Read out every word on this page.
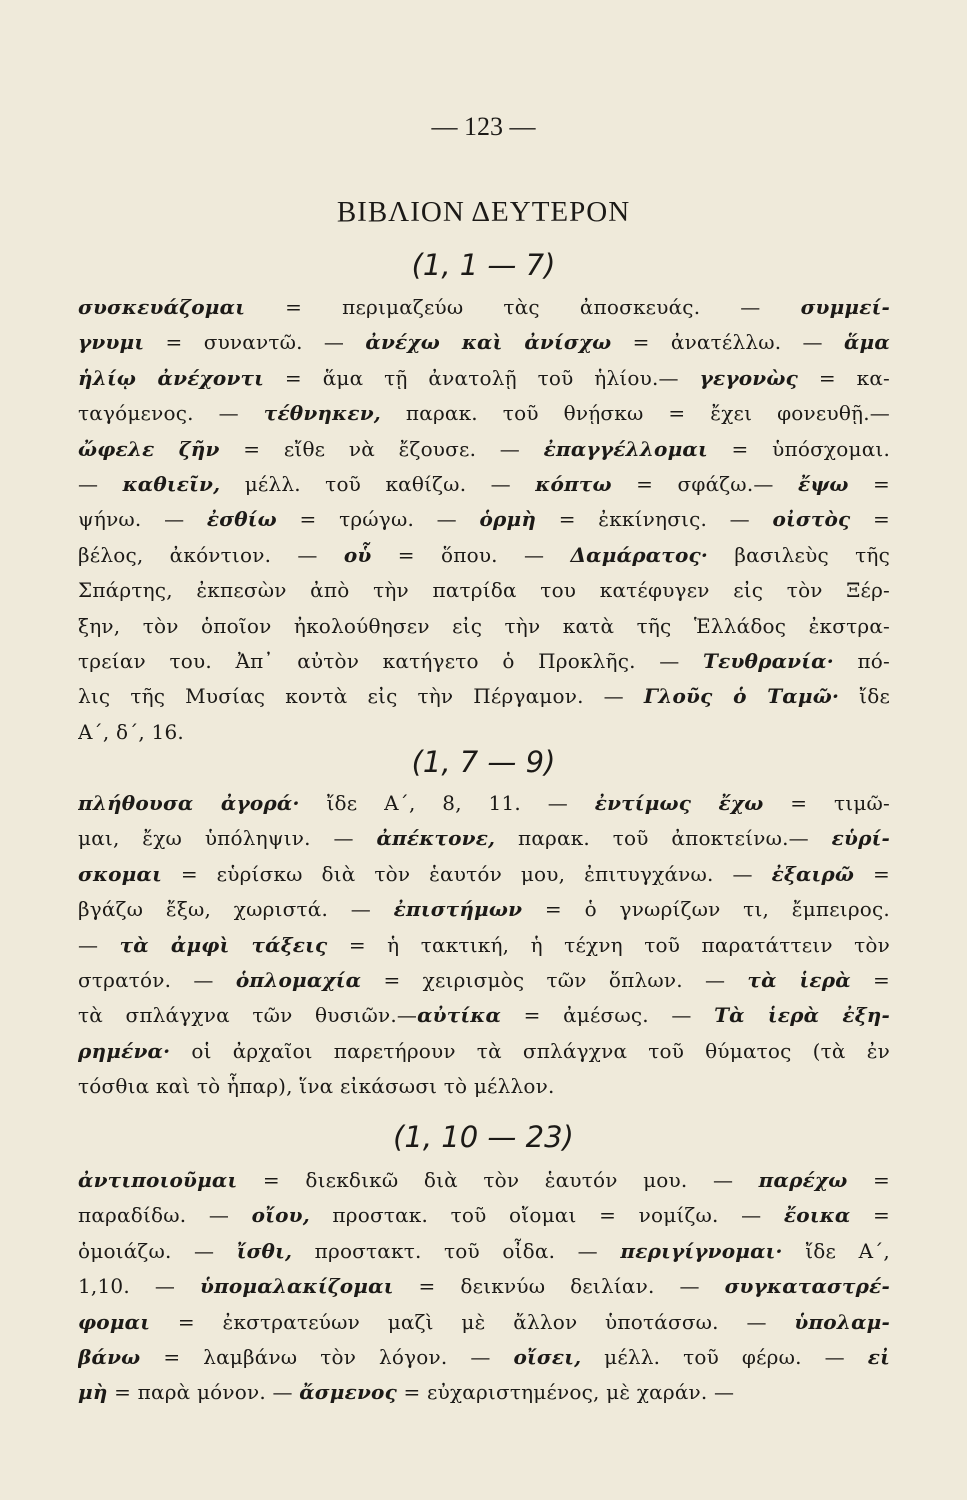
— 123 —
ΒΙΒΛΙΟΝ ΔΕΥΤΕΡΟΝ
(1, 1 — 7)
συσκευάζομαι = περιμαζεύω τὰς ἀποσκευάς. — συμμεί-
γνυμι = συναντῶ. — ἀνέχω καὶ ἀνίσχω = ἀνατέλλω. — ἅμα
ἡλίῳ ἀνέχοντι = ἅμα τῇ ἀνατολῇ τοῦ ἡλίου.— γεγονὼς = κα-
ταγόμενος. — τέθνηκεν, παρακ. τοῦ θνῄσκω = ἔχει φονευθῇ.—
ὤφελε ζῆν = εἴθε νὰ ἔζουσε. — ἐπαγγέλλομαι = ὑπόσχομαι.
— καθιεῖν, μέλλ. τοῦ καθίζω. — κόπτω = σφάζω.— ἔψω =
ψήνω. — ἐσθίω = τρώγω. — ὁρμὴ = ἐκκίνησις. — οἰστὸς =
βέλος, ἀκόντιον. — οὗ = ὅπου. — Δαμάρατος· βασιλεὺς τῆς
Σπάρτης, ἐκπεσὼν ἀπὸ τὴν πατρίδα του κατέφυγεν εἰς τὸν Ξέρ-
ξην, τὸν ὁποῖον ἠκολούθησεν εἰς τὴν κατὰ τῆς Ἑλλάδος ἐκστρα-
τρείαν του. Ἀπ᾽ αὐτὸν κατήγετο ὁ Προκλῆς. — Τευθρανία· πό-
λις τῆς Μυσίας κοντὰ εἰς τὴν Πέργαμον. — Γλοῦς ὁ Ταμῶ· ἴδε
Α΄, δ΄, 16.
(1, 7 — 9)
πλήθουσα ἀγορά· ἴδε Α΄, 8, 11. — ἐντίμως ἔχω = τιμῶ-
μαι, ἔχω ὑπόληψιν. — ἀπέκτονε, παρακ. τοῦ ἀποκτείνω.— εὑρί-
σκομαι = εὑρίσκω διὰ τὸν ἑαυτόν μου, ἐπιτυγχάνω. — ἐξαιρῶ =
βγάζω ἔξω, χωριστά. — ἐπιστήμων = ὁ γνωρίζων τι, ἔμπειρος.
— τὰ ἀμφὶ τάξεις = ἡ τακτική, ἡ τέχνη τοῦ παρατάττειν τὸν
στρατόν. — ὁπλομαχία = χειρισμὸς τῶν ὅπλων. — τὰ ἱερὰ =
τὰ σπλάγχνα τῶν θυσιῶν.—αὐτίκα = ἀμέσως. — Τὰ ἱερὰ ἐξη-
ρημένα· οἱ ἀρχαῖοι παρετήρουν τὰ σπλάγχνα τοῦ θύματος (τὰ ἐν
τόσθια καὶ τὸ ἧπαρ), ἵνα εἰκάσωσι τὸ μέλλον.
(1, 10 — 23)
ἀντιποιοῦμαι = διεκδικῶ διὰ τὸν ἑαυτόν μου. — παρέχω =
παραδίδω. — οἴου, προστακ. τοῦ οἴομαι = νομίζω. — ἔοικα =
ὁμοιάζω. — ἴσθι, προστακτ. τοῦ οἶδα. — περιγίγνομαι· ἴδε Α΄,
1,10. — ὑπομαλακίζομαι = δεικνύω δειλίαν. — συγκαταστρέ-
φομαι = ἐκστρατεύων μαζὶ μὲ ἄλλον ὑποτάσσω. — ὑπολαμ-
βάνω = λαμβάνω τὸν λόγον. — οἴσει, μέλλ. τοῦ φέρω. — εἰ
μὴ = παρὰ μόνον. — ἄσμενος = εὐχαριστημένος, μὲ χαράν. —
